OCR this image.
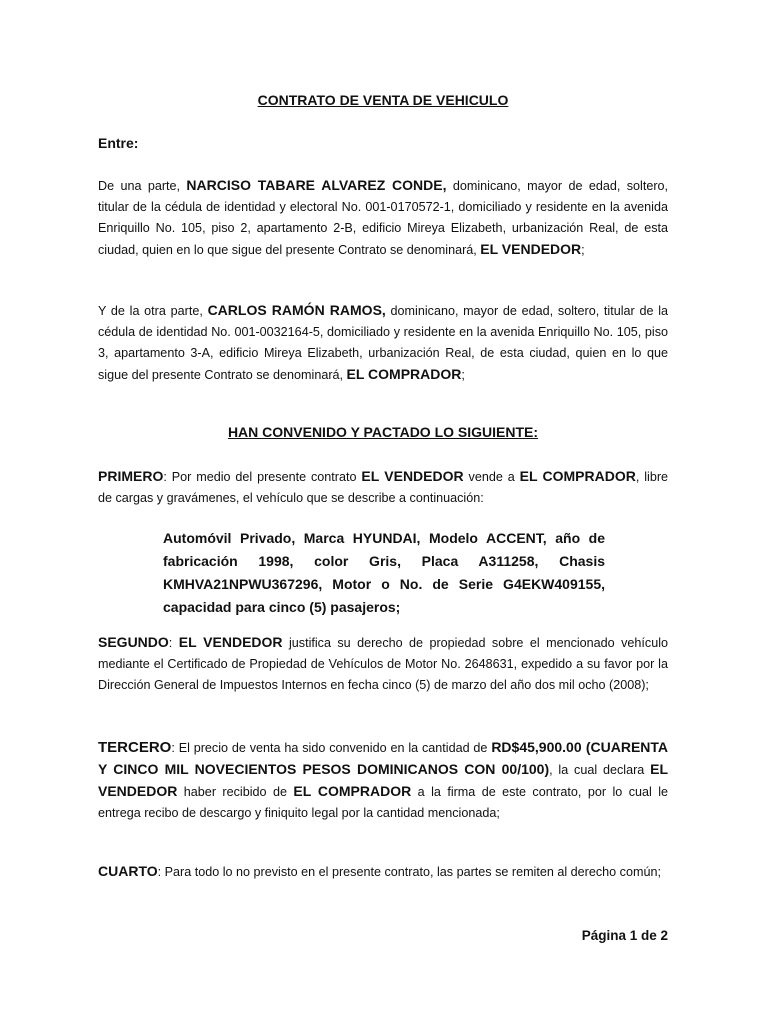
CONTRATO DE VENTA DE VEHICULO

Entre:

De una parte, NARCISO TABARE ALVAREZ CONDE, dominicano, mayor de edad, soltero, titular de la cédula de identidad y electoral No. 001-0170572-1, domiciliado y residente en la avenida Enriquillo No. 105, piso 2, apartamento 2-B, edificio Mireya Elizabeth, urbanización Real, de esta ciudad, quien en lo que sigue del presente Contrato se denominará, EL VENDEDOR;

Y de la otra parte, CARLOS RAMÓN RAMOS, dominicano, mayor de edad, soltero, titular de la cédula de identidad No. 001-0032164-5, domiciliado y residente en la avenida Enriquillo No. 105, piso 3, apartamento 3-A, edificio Mireya Elizabeth, urbanización Real, de esta ciudad, quien en lo que sigue del presente Contrato se denominará, EL COMPRADOR;

HAN CONVENIDO Y PACTADO LO SIGUIENTE:

PRIMERO: Por medio del presente contrato EL VENDEDOR vende a EL COMPRADOR, libre de cargas y gravámenes, el vehículo que se describe a continuación:

Automóvil Privado, Marca HYUNDAI, Modelo ACCENT, año de fabricación 1998, color Gris, Placa A311258, Chasis KMHVA21NPWU367296, Motor o No. de Serie G4EKW409155, capacidad para cinco (5) pasajeros;

SEGUNDO: EL VENDEDOR justifica su derecho de propiedad sobre el mencionado vehículo mediante el Certificado de Propiedad de Vehículos de Motor No. 2648631, expedido a su favor por la Dirección General de Impuestos Internos en fecha cinco (5) de marzo del año dos mil ocho (2008);

TERCERO: El precio de venta ha sido convenido en la cantidad de RD$45,900.00 (CUARENTA Y CINCO MIL NOVECIENTOS PESOS DOMINICANOS CON 00/100), la cual declara EL VENDEDOR haber recibido de EL COMPRADOR a la firma de este contrato, por lo cual le entrega recibo de descargo y finiquito legal por la cantidad mencionada;

CUARTO: Para todo lo no previsto en el presente contrato, las partes se remiten al derecho común;

Página 1 de 2
